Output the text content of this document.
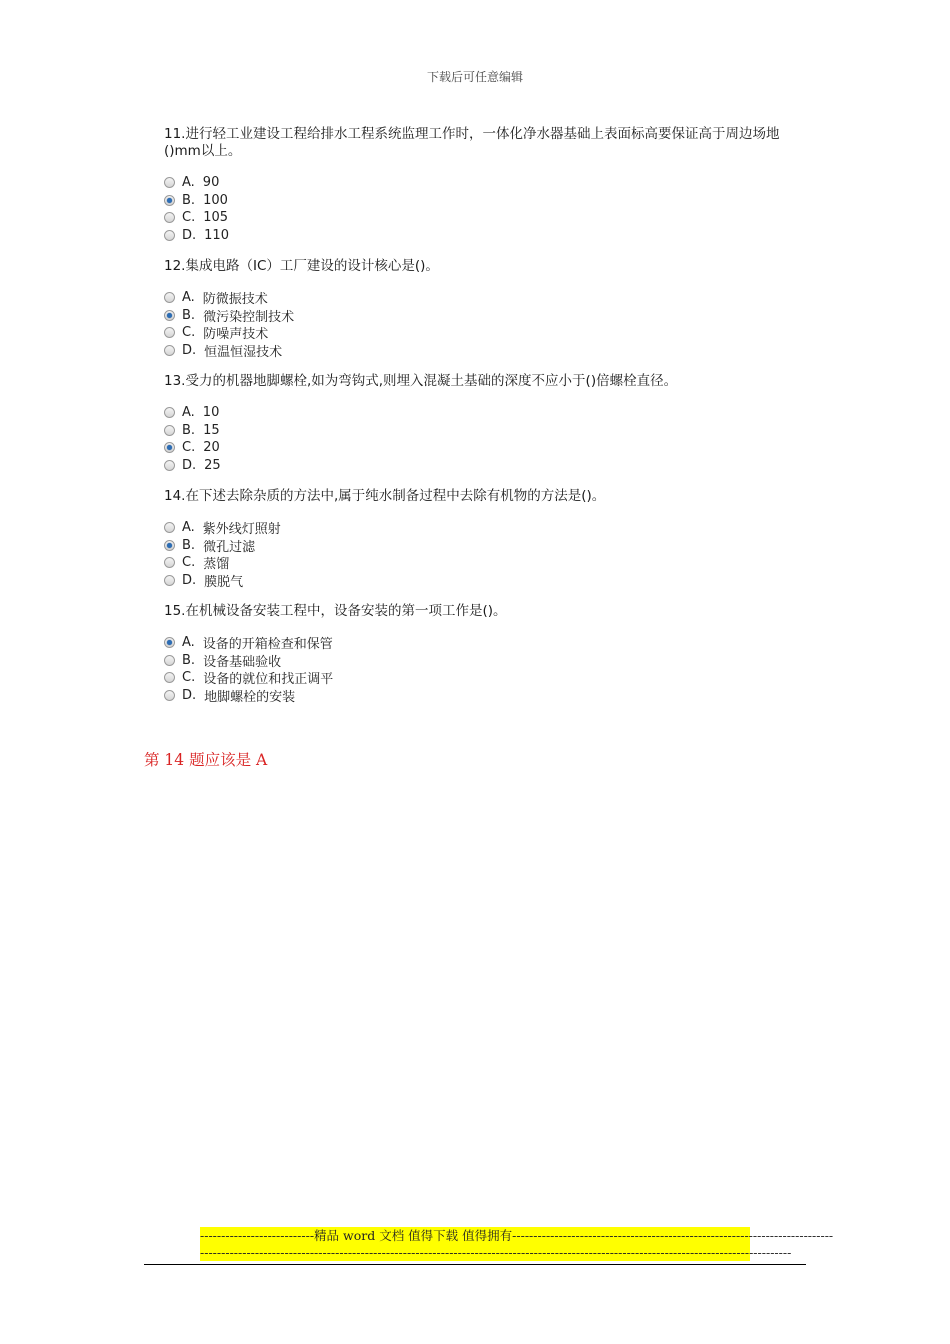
下载后可任意编辑
11.进行轻工业建设工程给排水工程系统监理工作时，一体化净水器基础上表面标高要保证高于周边场地()mm以上。
A. 90
B. 100
C. 105
D. 110
12.集成电路（IC）工厂建设的设计核心是()。
A. 防微振技术
B. 微污染控制技术
C. 防噪声技术
D. 恒温恒湿技术
13.受力的机器地脚螺栓,如为弯钩式,则埋入混凝土基础的深度不应小于()倍螺栓直径。
A. 10
B. 15
C. 20
D. 25
14.在下述去除杂质的方法中,属于纯水制备过程中去除有机物的方法是()。
A. 紫外线灯照射
B. 微孔过滤
C. 蒸馏
D. 膜脱气
15.在机械设备安装工程中，设备安装的第一项工作是()。
A. 设备的开箱检查和保管
B. 设备基础验收
C. 设备的就位和找正调平
D. 地脚螺栓的安装
第 14 题应该是 A
--------------------------- 精品 word 文档 值得下载 值得拥有 ----------------------------------------------------------------------------
--------------------------------------------------------------------------------------------------------------------------------------------
